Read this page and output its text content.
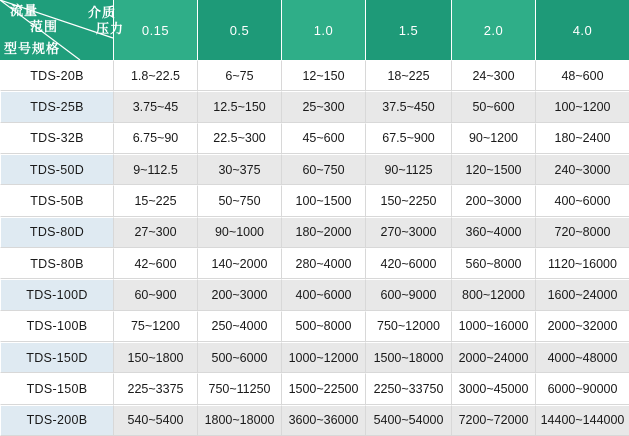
流量
范围
介质
压力
型号规格	0.15	0.5	1.0	1.5	2.0	4.0
TDS-20B	1.8~22.5	6~75	12~150	18~225	24~300	48~600
TDS-25B	3.75~45	12.5~150	25~300	37.5~450	50~600	100~1200
TDS-32B	6.75~90	22.5~300	45~600	67.5~900	90~1200	180~2400
TDS-50D	9~112.5	30~375	60~750	90~1125	120~1500	240~3000
TDS-50B	15~225	50~750	100~1500	150~2250	200~3000	400~6000
TDS-80D	27~300	90~1000	180~2000	270~3000	360~4000	720~8000
TDS-80B	42~600	140~2000	280~4000	420~6000	560~8000	1120~16000
TDS-100D	60~900	200~3000	400~6000	600~9000	800~12000	1600~24000
TDS-100B	75~1200	250~4000	500~8000	750~12000	1000~16000	2000~32000
TDS-150D	150~1800	500~6000	1000~12000	1500~18000	2000~24000	4000~48000
TDS-150B	225~3375	750~11250	1500~22500	2250~33750	3000~45000	6000~90000
TDS-200B	540~5400	1800~18000	3600~36000	5400~54000	7200~72000	14400~144000
